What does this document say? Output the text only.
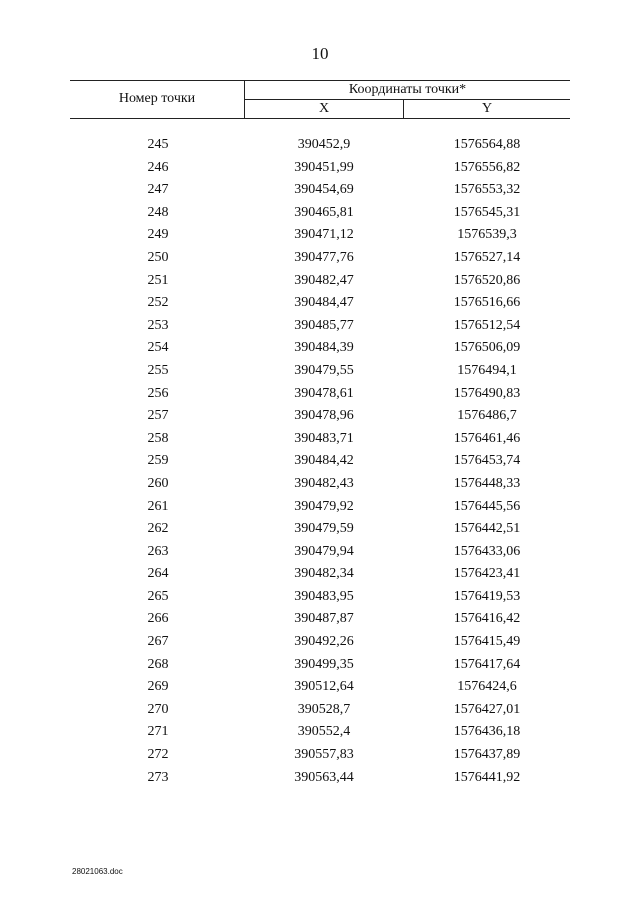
10
Номер точки
Координаты точки*
X	Y
245	390452,9	1576564,88
246	390451,99	1576556,82
247	390454,69	1576553,32
248	390465,81	1576545,31
249	390471,12	1576539,3
250	390477,76	1576527,14
251	390482,47	1576520,86
252	390484,47	1576516,66
253	390485,77	1576512,54
254	390484,39	1576506,09
255	390479,55	1576494,1
256	390478,61	1576490,83
257	390478,96	1576486,7
258	390483,71	1576461,46
259	390484,42	1576453,74
260	390482,43	1576448,33
261	390479,92	1576445,56
262	390479,59	1576442,51
263	390479,94	1576433,06
264	390482,34	1576423,41
265	390483,95	1576419,53
266	390487,87	1576416,42
267	390492,26	1576415,49
268	390499,35	1576417,64
269	390512,64	1576424,6
270	390528,7	1576427,01
271	390552,4	1576436,18
272	390557,83	1576437,89
273	390563,44	1576441,92
28021063.doc
